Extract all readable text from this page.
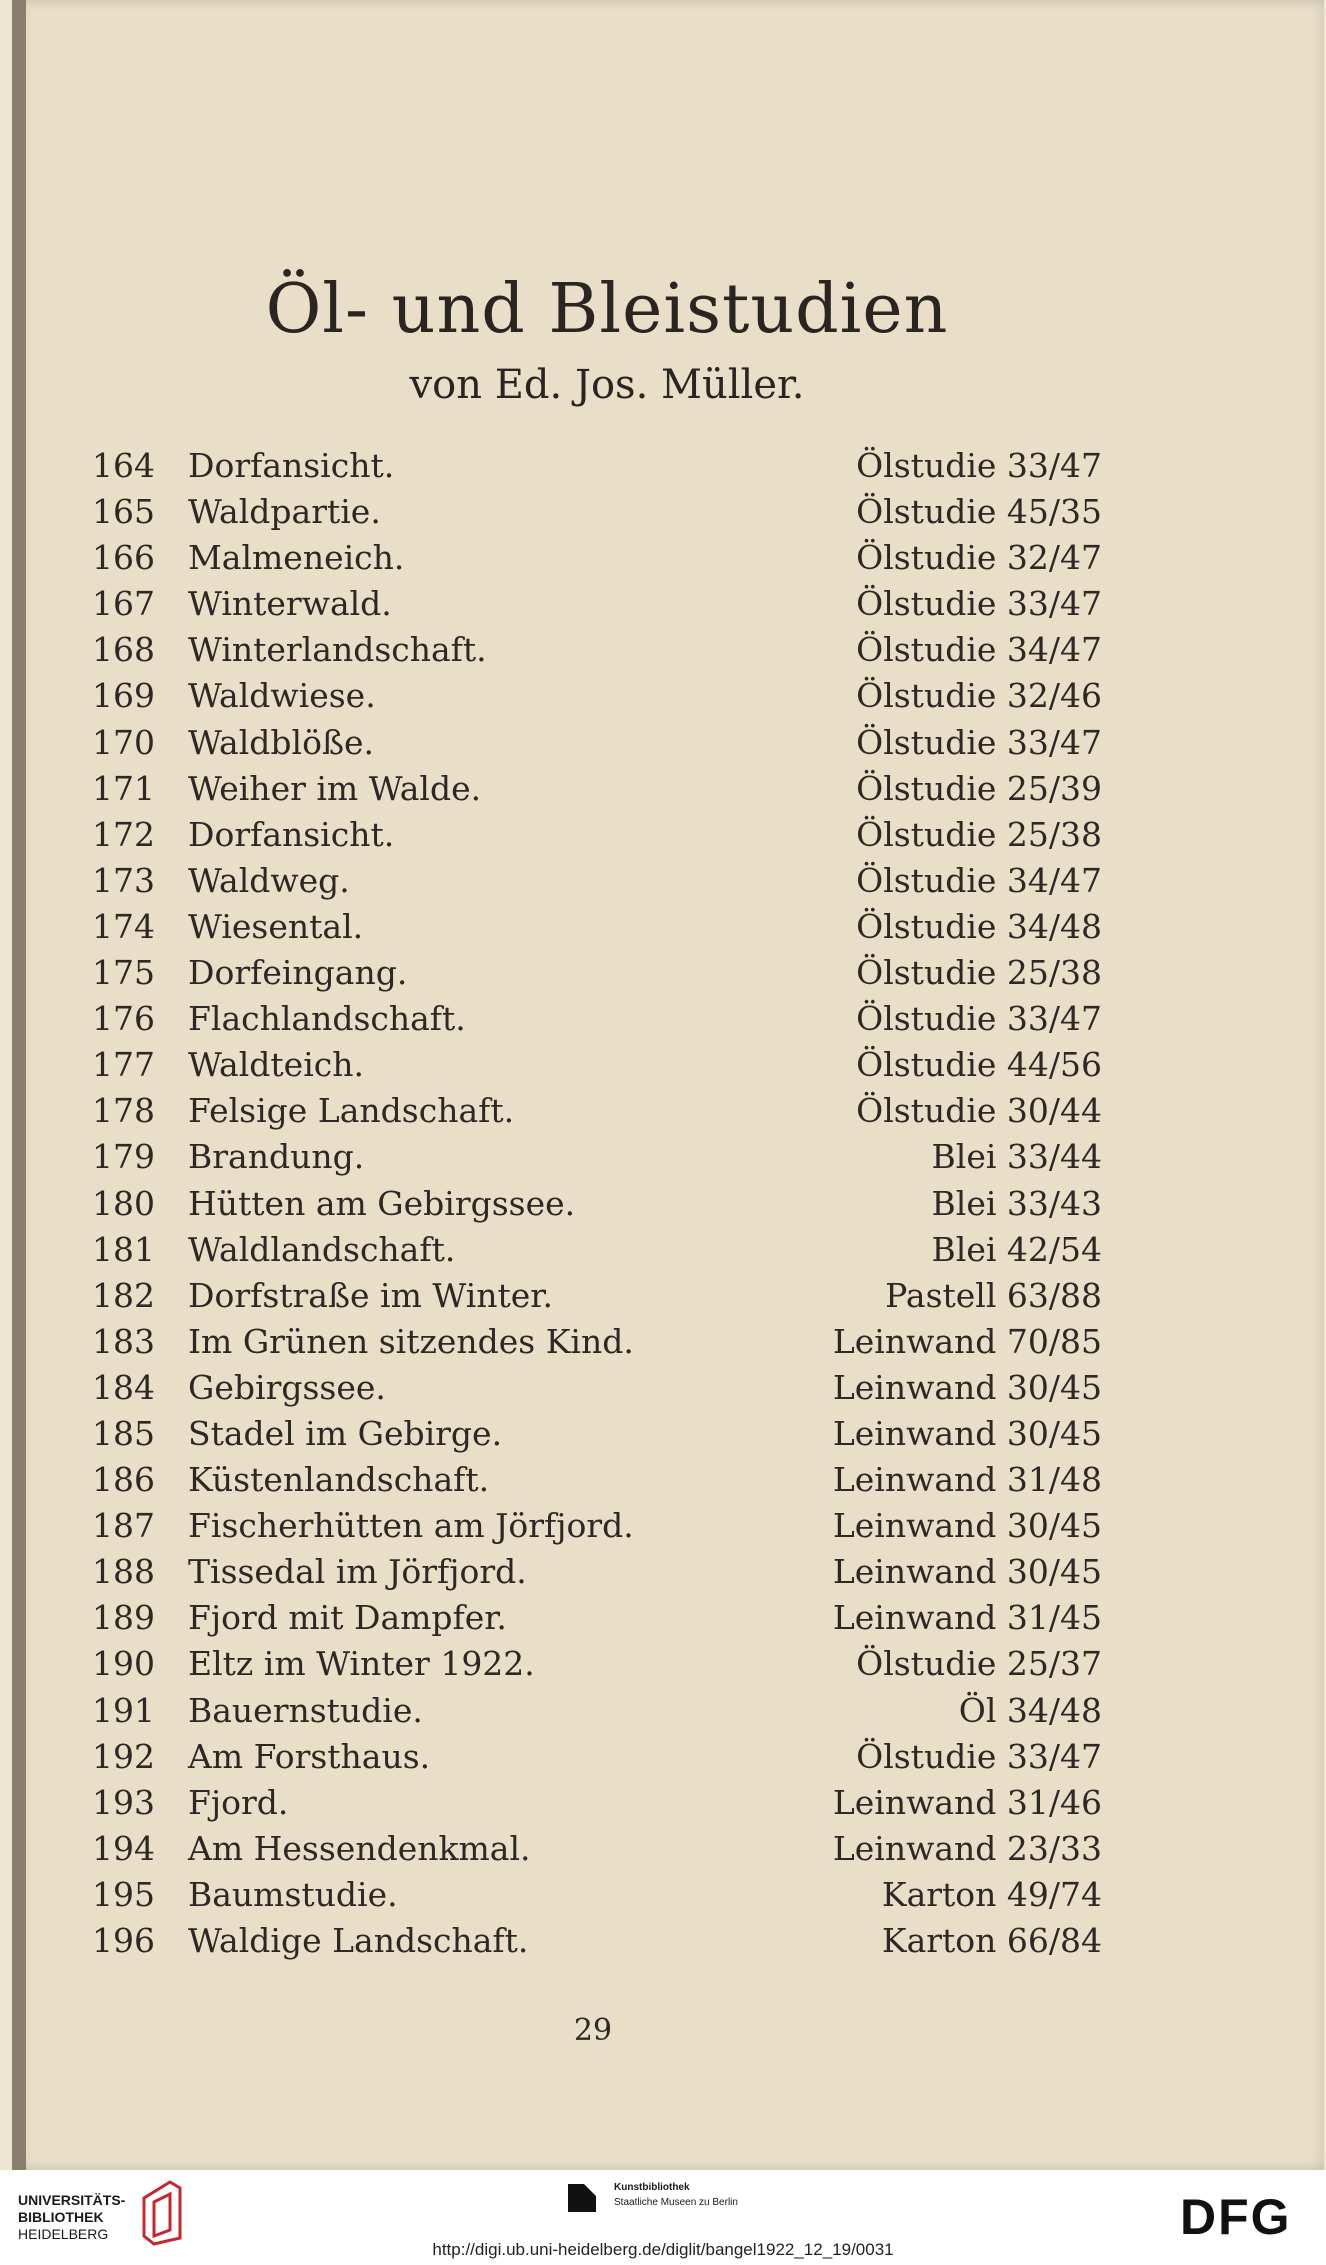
Öl- und Bleistudien
von Ed. Jos. Müller.
164	Dorfansicht.	Ölstudie 33/47
165	Waldpartie.	Ölstudie 45/35
166	Malmeneich.	Ölstudie 32/47
167	Winterwald.	Ölstudie 33/47
168	Winterlandschaft.	Ölstudie 34/47
169	Waldwiese.	Ölstudie 32/46
170	Waldblöße.	Ölstudie 33/47
171	Weiher im Walde.	Ölstudie 25/39
172	Dorfansicht.	Ölstudie 25/38
173	Waldweg.	Ölstudie 34/47
174	Wiesental.	Ölstudie 34/48
175	Dorfeingang.	Ölstudie 25/38
176	Flachlandschaft.	Ölstudie 33/47
177	Waldteich.	Ölstudie 44/56
178	Felsige Landschaft.	Ölstudie 30/44
179	Brandung.	Blei 33/44
180	Hütten am Gebirgssee.	Blei 33/43
181	Waldlandschaft.	Blei 42/54
182	Dorfstraße im Winter.	Pastell 63/88
183	Im Grünen sitzendes Kind.	Leinwand 70/85
184	Gebirgssee.	Leinwand 30/45
185	Stadel im Gebirge.	Leinwand 30/45
186	Küstenlandschaft.	Leinwand 31/48
187	Fischerhütten am Jörfjord.	Leinwand 30/45
188	Tissedal im Jörfjord.	Leinwand 30/45
189	Fjord mit Dampfer.	Leinwand 31/45
190	Eltz im Winter 1922.	Ölstudie 25/37
191	Bauernstudie.	Öl 34/48
192	Am Forsthaus.	Ölstudie 33/47
193	Fjord.	Leinwand 31/46
194	Am Hessendenkmal.	Leinwand 23/33
195	Baumstudie.	Karton 49/74
196	Waldige Landschaft.	Karton 66/84
29
UNIVERSITÄTS-
BIBLIOTHEK
HEIDELBERG
Kunstbibliothek
Staatliche Museen zu Berlin	DFG
http://digi.ub.uni-heidelberg.de/diglit/bangel1922_12_19/0031
